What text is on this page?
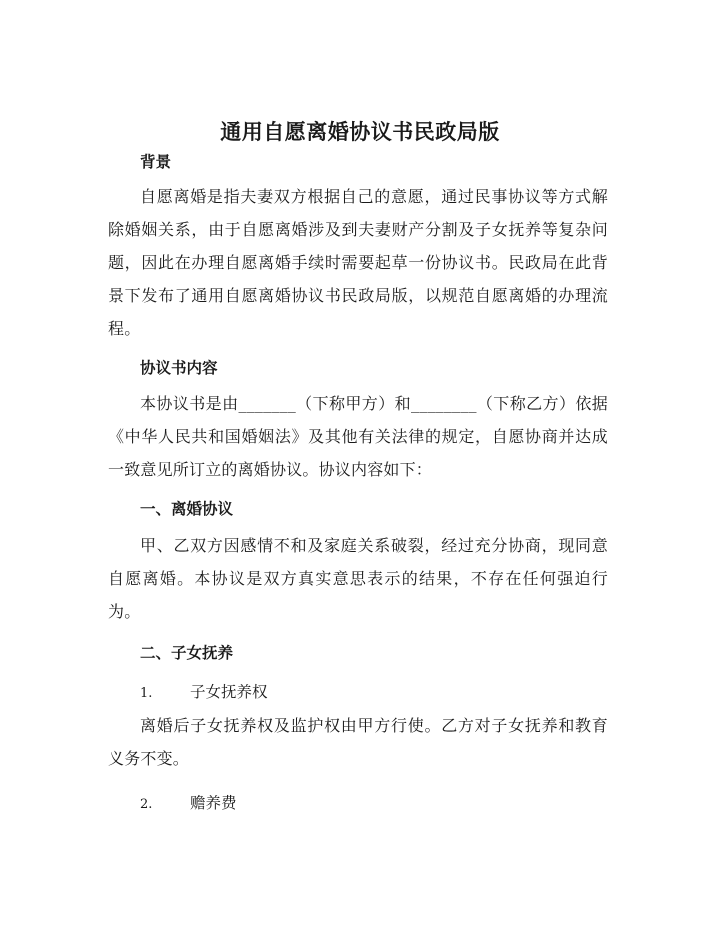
通用自愿离婚协议书民政局版
背景

自愿离婚是指夫妻双方根据自己的意愿，通过民事协议等方式解除婚姻关系，由于自愿离婚涉及到夫妻财产分割及子女抚养等复杂问题，因此在办理自愿离婚手续时需要起草一份协议书。民政局在此背景下发布了通用自愿离婚协议书民政局版，以规范自愿离婚的办理流程。

协议书内容

本协议书是由_______（下称甲方）和________（下称乙方）依据《中华人民共和国婚姻法》及其他有关法律的规定，自愿协商并达成一致意见所订立的离婚协议。协议内容如下：

一、离婚协议

甲、乙双方因感情不和及家庭关系破裂，经过充分协商，现同意自愿离婚。本协议是双方真实意思表示的结果，不存在任何强迫行为。

二、子女抚养
1.	子女抚养权

离婚后子女抚养权及监护权由甲方行使。乙方对子女抚养和教育义务不变。

2.	赡养费
